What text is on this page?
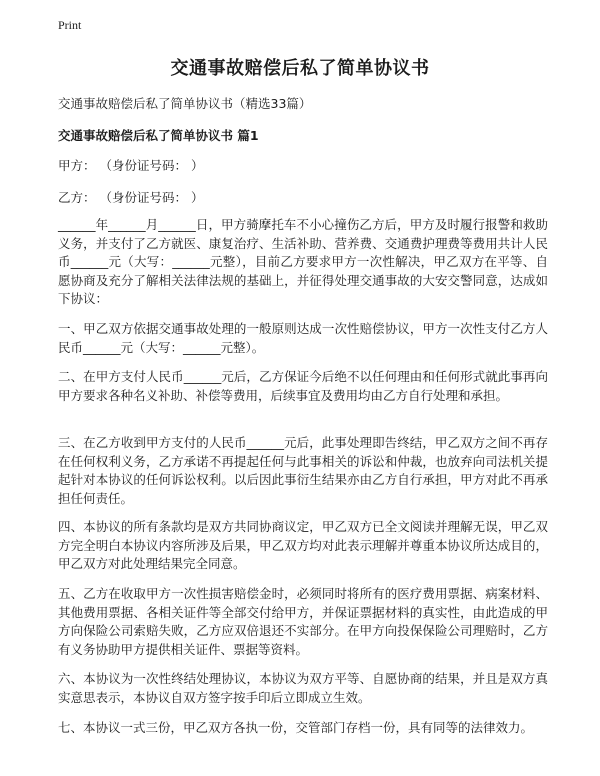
Print
交通事故赔偿后私了简单协议书
交通事故赔偿后私了简单协议书（精选33篇）
交通事故赔偿后私了简单协议书 篇1
甲方： （身份证号码： ）
乙方： （身份证号码： ）
______年______月______日，甲方骑摩托车不小心撞伤乙方后，甲方及时履行报警和救助义务，并支付了乙方就医、康复治疗、生活补助、营养费、交通费护理费等费用共计人民币______元（大写：______元整），目前乙方要求甲方一次性解决，甲乙双方在平等、自愿协商及充分了解相关法律法规的基础上，并征得处理交通事故的大安交警同意，达成如下协议：
一、甲乙双方依据交通事故处理的一般原则达成一次性赔偿协议，甲方一次性支付乙方人民币______元（大写：______元整）。
二、在甲方支付人民币______元后，乙方保证今后绝不以任何理由和任何形式就此事再向甲方要求各种名义补助、补偿等费用，后续事宜及费用均由乙方自行处理和承担。
三、在乙方收到甲方支付的人民币______元后，此事处理即告终结，甲乙双方之间不再存在任何权利义务，乙方承诺不再提起任何与此事相关的诉讼和仲裁，也放弃向司法机关提起针对本协议的任何诉讼权利。以后因此事衍生结果亦由乙方自行承担，甲方对此不再承担任何责任。
四、本协议的所有条款均是双方共同协商议定，甲乙双方已全文阅读并理解无误，甲乙双方完全明白本协议内容所涉及后果，甲乙双方均对此表示理解并尊重本协议所达成目的，甲乙双方对此处理结果完全同意。
五、乙方在收取甲方一次性损害赔偿金时，必须同时将所有的医疗费用票据、病案材料、其他费用票据、各相关证件等全部交付给甲方，并保证票据材料的真实性，由此造成的甲方向保险公司索赔失败，乙方应双倍退还不实部分。在甲方向投保保险公司理赔时，乙方有义务协助甲方提供相关证件、票据等资料。
六、本协议为一次性终结处理协议，本协议为双方平等、自愿协商的结果，并且是双方真实意思表示，本协议自双方签字按手印后立即成立生效。
七、本协议一式三份，甲乙双方各执一份，交管部门存档一份，具有同等的法律效力。
